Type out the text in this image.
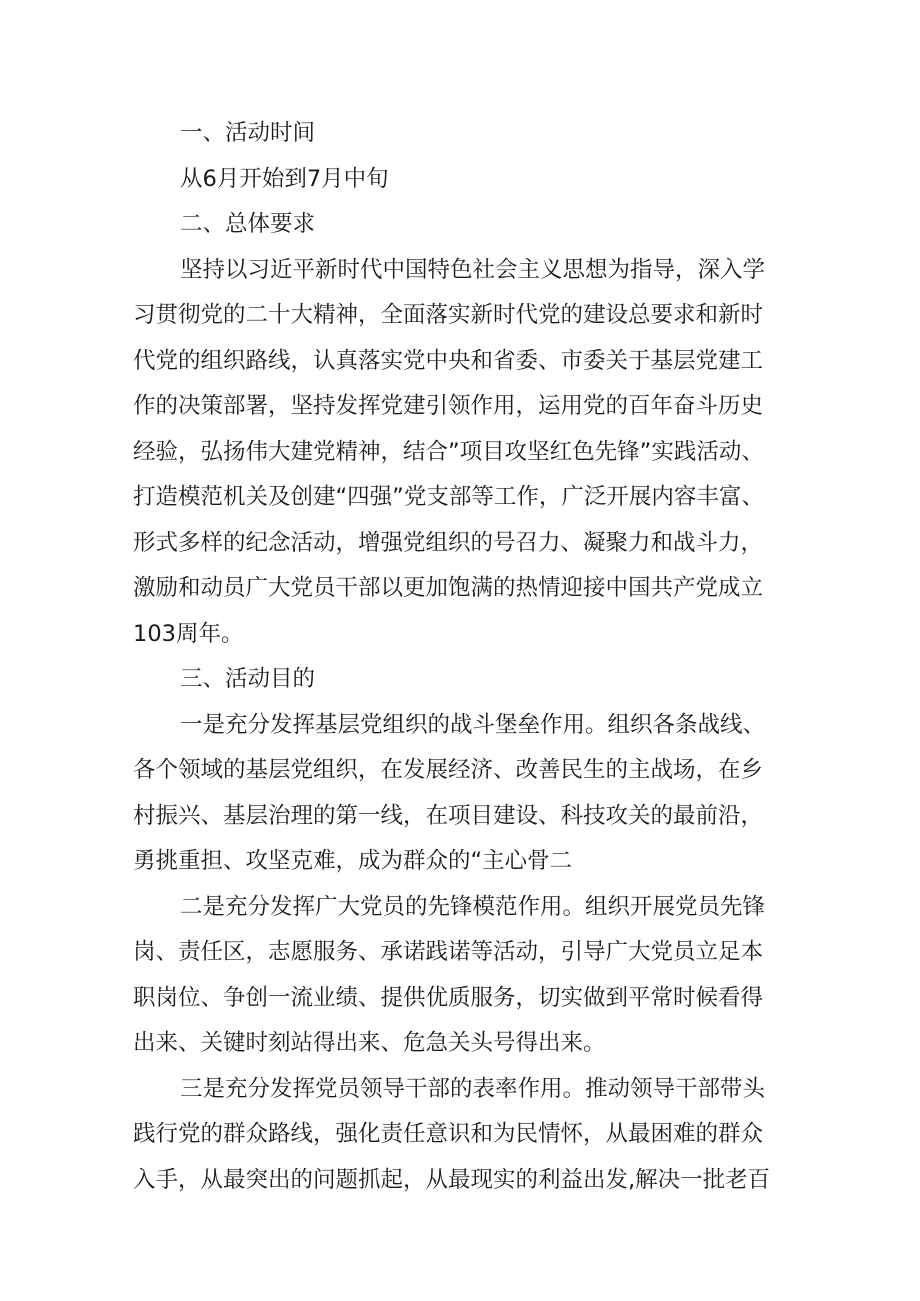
一、活动时间
从6月开始到7月中旬
二、总体要求
坚持以习近平新时代中国特色社会主义思想为指导，深入学
习贯彻党的二十大精神，全面落实新时代党的建设总要求和新时
代党的组织路线，认真落实党中央和省委、市委关于基层党建工
作的决策部署，坚持发挥党建引领作用，运用党的百年奋斗历史
经验，弘扬伟大建党精神，结合”项目攻坚红色先锋”实践活动、
打造模范机关及创建“四强”党支部等工作，广泛开展内容丰富、
形式多样的纪念活动，增强党组织的号召力、凝聚力和战斗力，
激励和动员广大党员干部以更加饱满的热情迎接中国共产党成立
103周年。
三、活动目的
一是充分发挥基层党组织的战斗堡垒作用。组织各条战线、
各个领域的基层党组织，在发展经济、改善民生的主战场，在乡
村振兴、基层治理的第一线，在项目建设、科技攻关的最前沿，
勇挑重担、攻坚克难，成为群众的“主心骨二
二是充分发挥广大党员的先锋模范作用。组织开展党员先锋
岗、责任区，志愿服务、承诺践诺等活动，引导广大党员立足本
职岗位、争创一流业绩、提供优质服务，切实做到平常时候看得
出来、关键时刻站得出来、危急关头号得出来。
三是充分发挥党员领导干部的表率作用。推动领导干部带头
践行党的群众路线，强化责任意识和为民情怀，从最困难的群众
入手，从最突出的问题抓起，从最现实的利益出发,解决一批老百
